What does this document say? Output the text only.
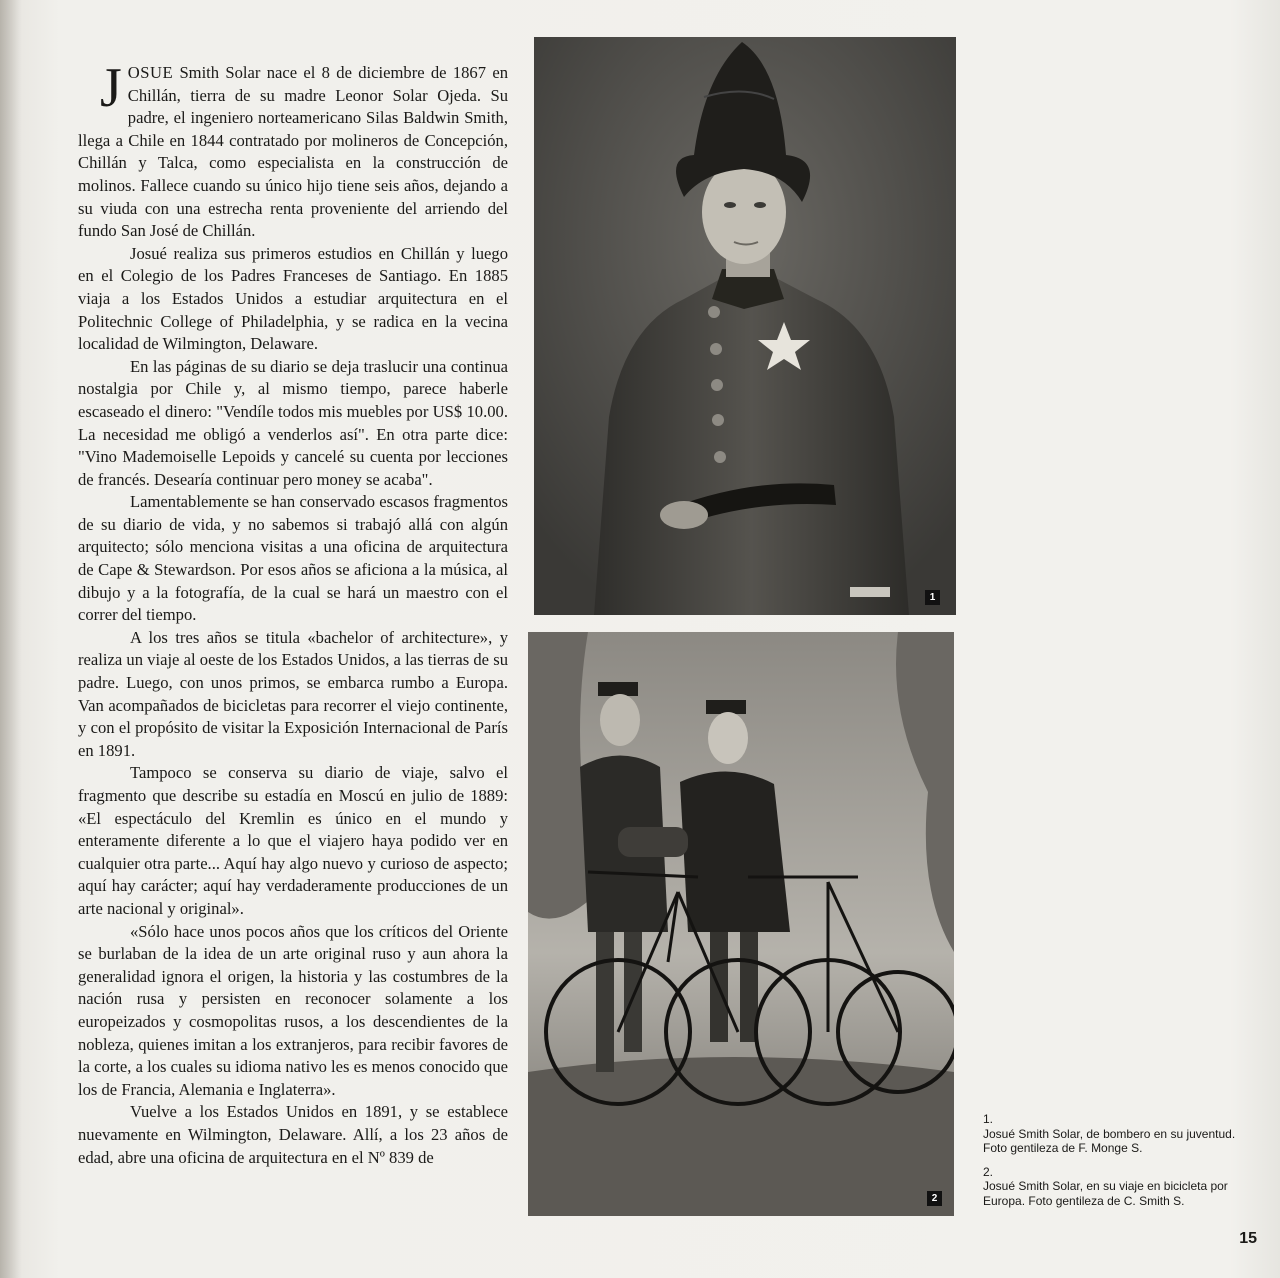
JOSUE Smith Solar nace el 8 de diciembre de 1867 en Chillán, tierra de su madre Leonor Solar Ojeda. Su padre, el ingeniero norteamericano Silas Baldwin Smith, llega a Chile en 1844 contratado por molineros de Concepción, Chillán y Talca, como especialista en la construcción de molinos. Fallece cuando su único hijo tiene seis años, dejando a su viuda con una estrecha renta proveniente del arriendo del fundo San José de Chillán.

Josué realiza sus primeros estudios en Chillán y luego en el Colegio de los Padres Franceses de Santiago. En 1885 viaja a los Estados Unidos a estudiar arquitectura en el Politechnic College of Philadelphia, y se radica en la vecina localidad de Wilmington, Delaware.

En las páginas de su diario se deja traslucir una continua nostalgia por Chile y, al mismo tiempo, parece haberle escaseado el dinero: "Vendíle todos mis muebles por US$ 10.00. La necesidad me obligó a venderlos así". En otra parte dice: "Vino Mademoiselle Lepoids y cancelé su cuenta por lecciones de francés. Desearía continuar pero money se acaba".

Lamentablemente se han conservado escasos fragmentos de su diario de vida, y no sabemos si trabajó allá con algún arquitecto; sólo menciona visitas a una oficina de arquitectura de Cape & Stewardson. Por esos años se aficiona a la música, al dibujo y a la fotografía, de la cual se hará un maestro con el correr del tiempo.

A los tres años se titula «bachelor of architecture», y realiza un viaje al oeste de los Estados Unidos, a las tierras de su padre. Luego, con unos primos, se embarca rumbo a Europa. Van acompañados de bicicletas para recorrer el viejo continente, y con el propósito de visitar la Exposición Internacional de París en 1891.

Tampoco se conserva su diario de viaje, salvo el fragmento que describe su estadía en Moscú en julio de 1889: «El espectáculo del Kremlin es único en el mundo y enteramente diferente a lo que el viajero haya podido ver en cualquier otra parte... Aquí hay algo nuevo y curioso de aspecto; aquí hay carácter; aquí hay verdaderamente producciones de un arte nacional y original».

«Sólo hace unos pocos años que los críticos del Oriente se burlaban de la idea de un arte original ruso y aun ahora la generalidad ignora el origen, la historia y las costumbres de la nación rusa y persisten en reconocer solamente a los europeizados y cosmopolitas rusos, a los descendientes de la nobleza, quienes imitan a los extranjeros, para recibir favores de la corte, a los cuales su idioma nativo les es menos conocido que los de Francia, Alemania e Inglaterra».

Vuelve a los Estados Unidos en 1891, y se establece nuevamente en Wilmington, Delaware. Allí, a los 23 años de edad, abre una oficina de arquitectura en el Nº 839 de

1
2
1.
Josué Smith Solar, de bombero en su juventud. Foto gentileza de F. Monge S.
2.
Josué Smith Solar, en su viaje en bicicleta por Europa. Foto gentileza de C. Smith S.
15
